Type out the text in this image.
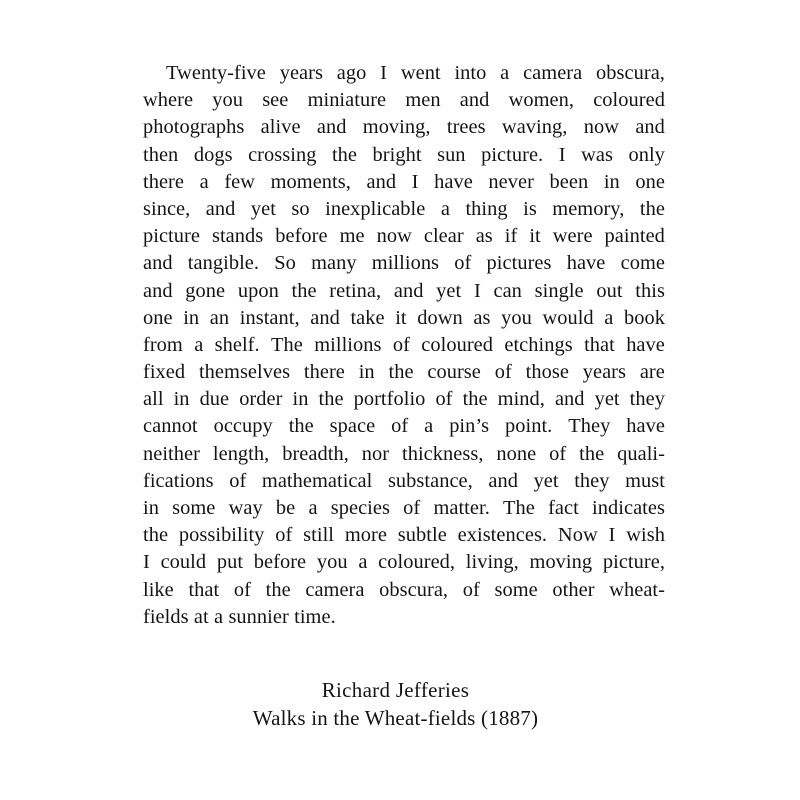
Twenty-five years ago I went into a camera obscura,
where you see miniature men and women, coloured
photographs alive and moving, trees waving, now and
then dogs crossing the bright sun picture. I was only
there a few moments, and I have never been in one
since, and yet so inexplicable a thing is memory, the
picture stands before me now clear as if it were painted
and tangible. So many millions of pictures have come
and gone upon the retina, and yet I can single out this
one in an instant, and take it down as you would a book
from a shelf. The millions of coloured etchings that have
fixed themselves there in the course of those years are
all in due order in the portfolio of the mind, and yet they
cannot occupy the space of a pin’s point. They have
neither length, breadth, nor thickness, none of the quali-
fications of mathematical substance, and yet they must
in some way be a species of matter. The fact indicates
the possibility of still more subtle existences. Now I wish
I could put before you a coloured, living, moving picture,
like that of the camera obscura, of some other wheat-
fields at a sunnier time.
Richard Jefferies
Walks in the Wheat-fields (1887)
